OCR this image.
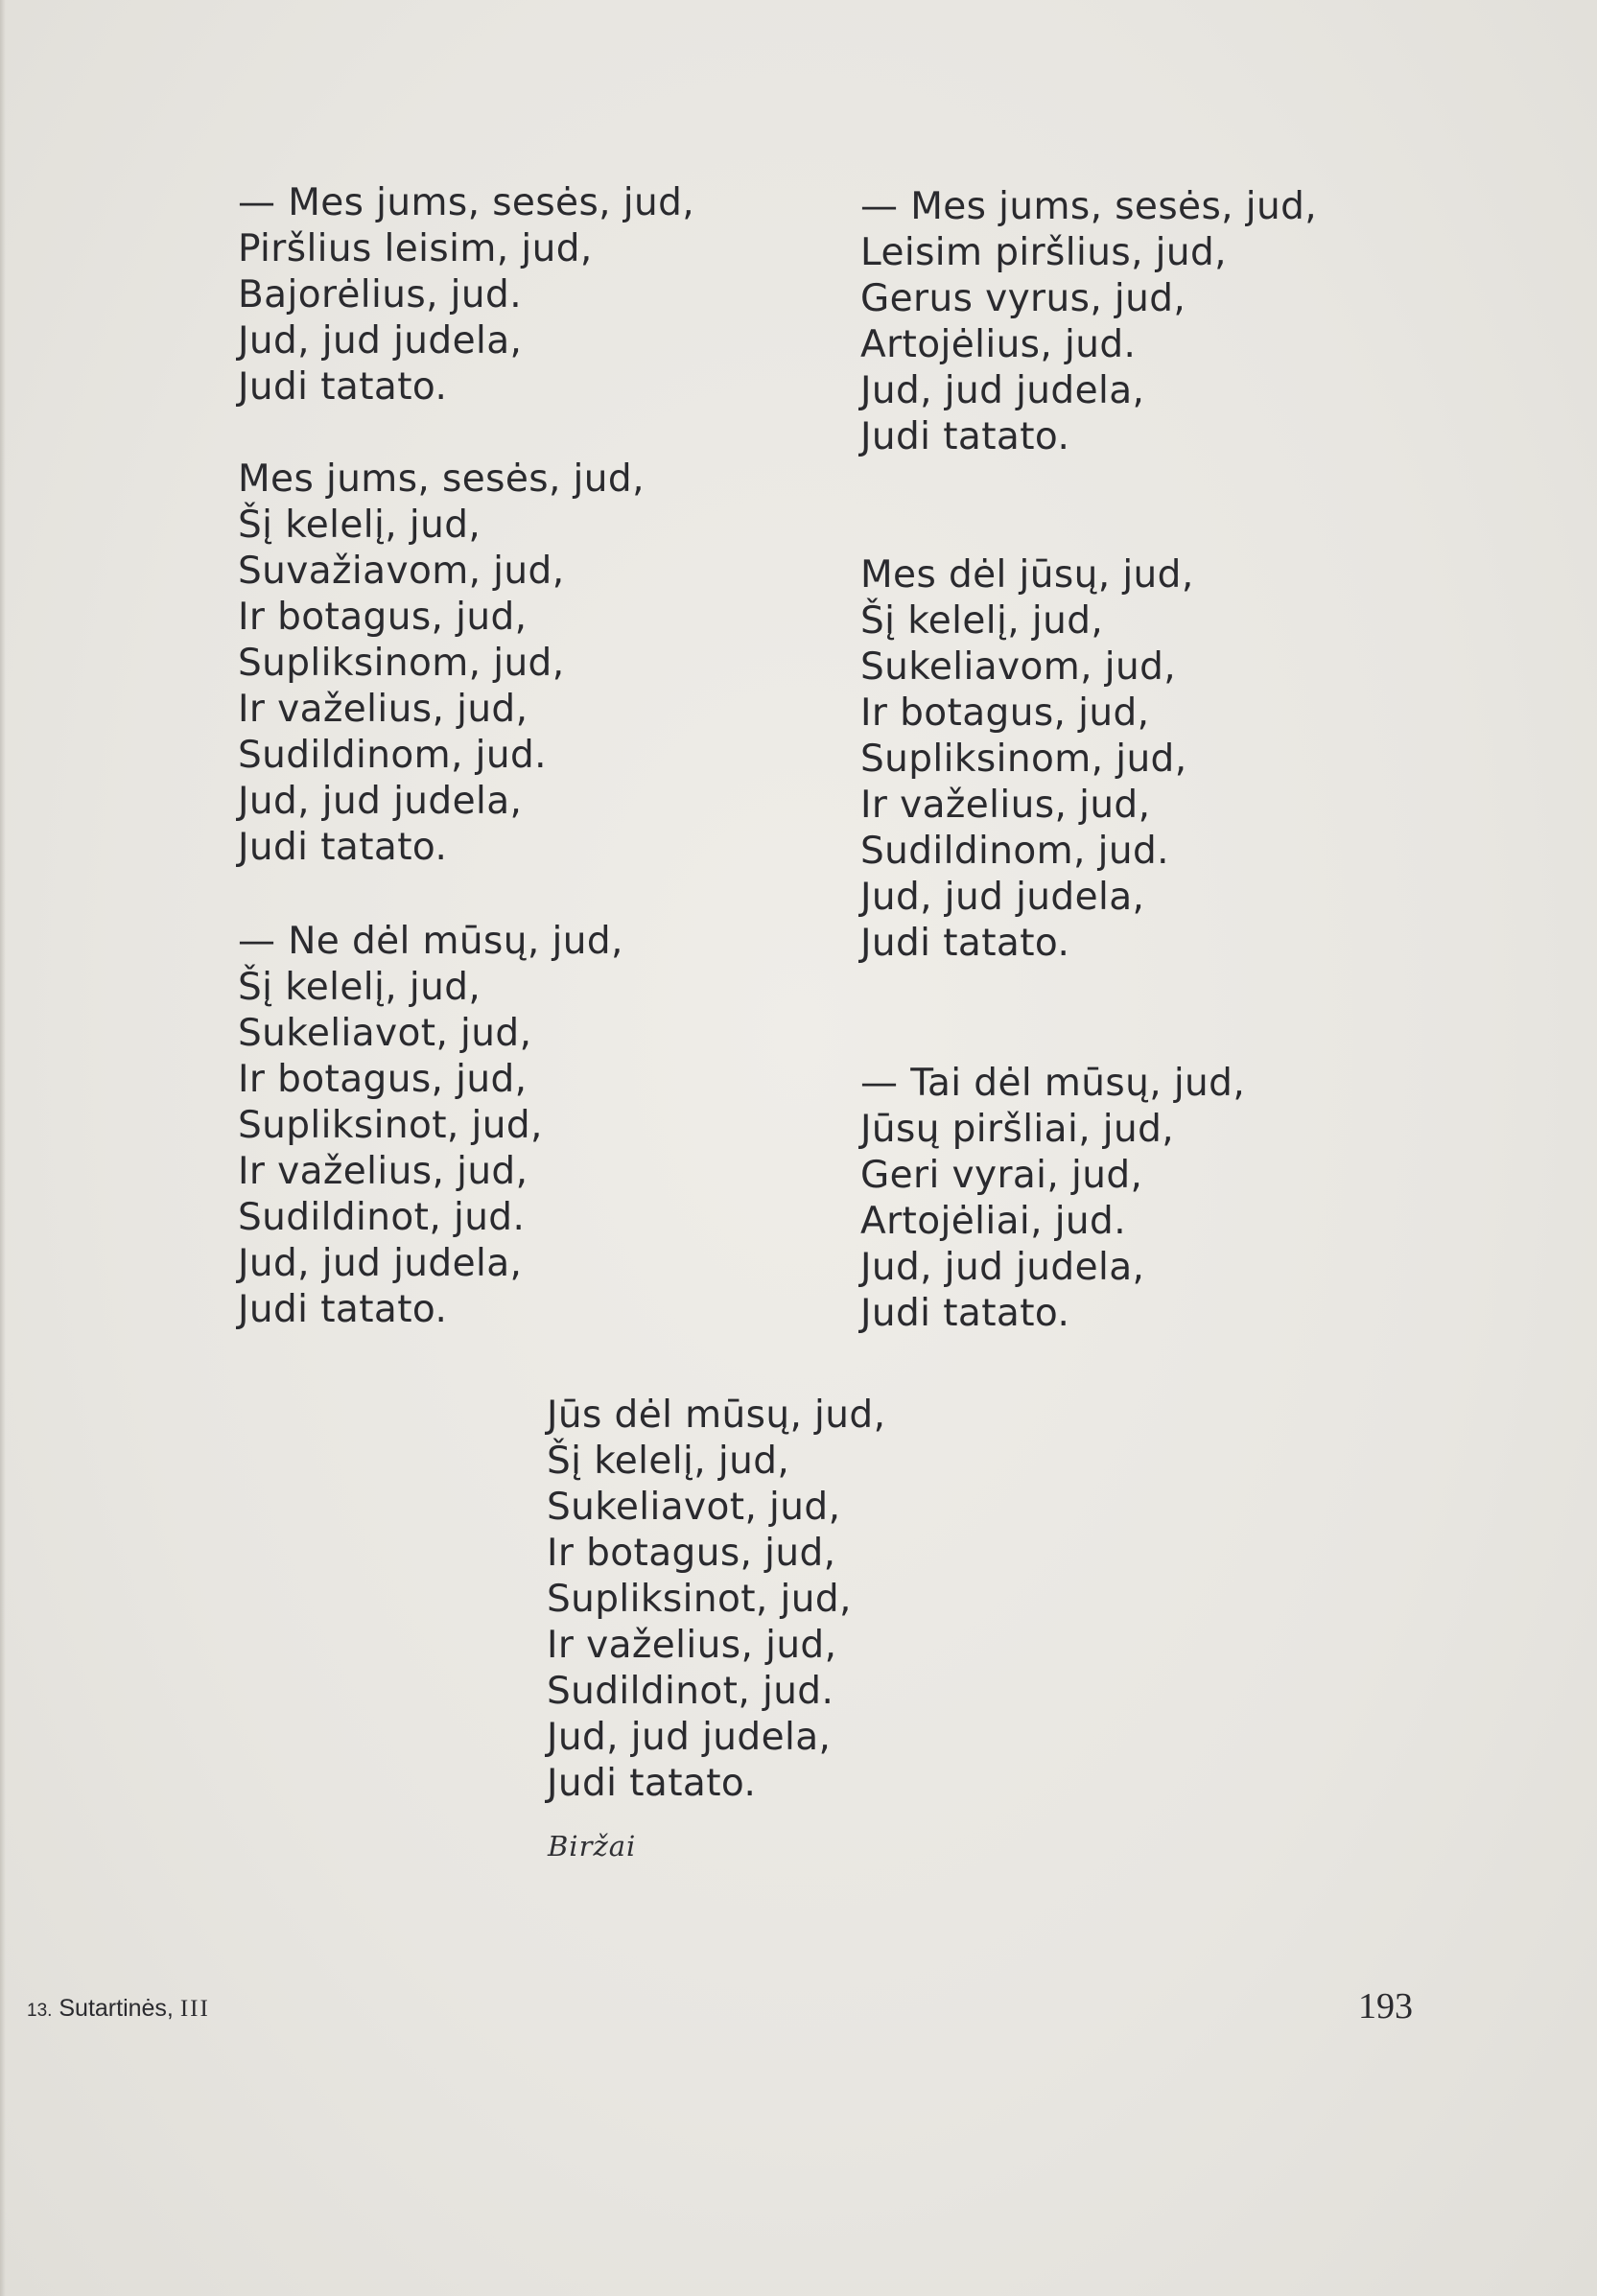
— Mes jums, sesės, jud,
Piršlius leisim, jud,
Bajorėlius, jud.
Jud, jud judela,
Judi tatato.
Mes jums, sesės, jud,
Šį kelelį, jud,
Suvažiavom, jud,
Ir botagus, jud,
Supliksinom, jud,
Ir važelius, jud,
Sudildinom, jud.
Jud, jud judela,
Judi tatato.
— Ne dėl mūsų, jud,
Šį kelelį, jud,
Sukeliavot, jud,
Ir botagus, jud,
Supliksinot, jud,
Ir važelius, jud,
Sudildinot, jud.
Jud, jud judela,
Judi tatato.
— Mes jums, sesės, jud,
Leisim piršlius, jud,
Gerus vyrus, jud,
Artojėlius, jud.
Jud, jud judela,
Judi tatato.
Mes dėl jūsų, jud,
Šį kelelį, jud,
Sukeliavom, jud,
Ir botagus, jud,
Supliksinom, jud,
Ir važelius, jud,
Sudildinom, jud.
Jud, jud judela,
Judi tatato.
— Tai dėl mūsų, jud,
Jūsų piršliai, jud,
Geri vyrai, jud,
Artojėliai, jud.
Jud, jud judela,
Judi tatato.
Jūs dėl mūsų, jud,
Šį kelelį, jud,
Sukeliavot, jud,
Ir botagus, jud,
Supliksinot, jud,
Ir važelius, jud,
Sudildinot, jud.
Jud, jud judela,
Judi tatato.
Biržai
13. Sutartinės, III	193
